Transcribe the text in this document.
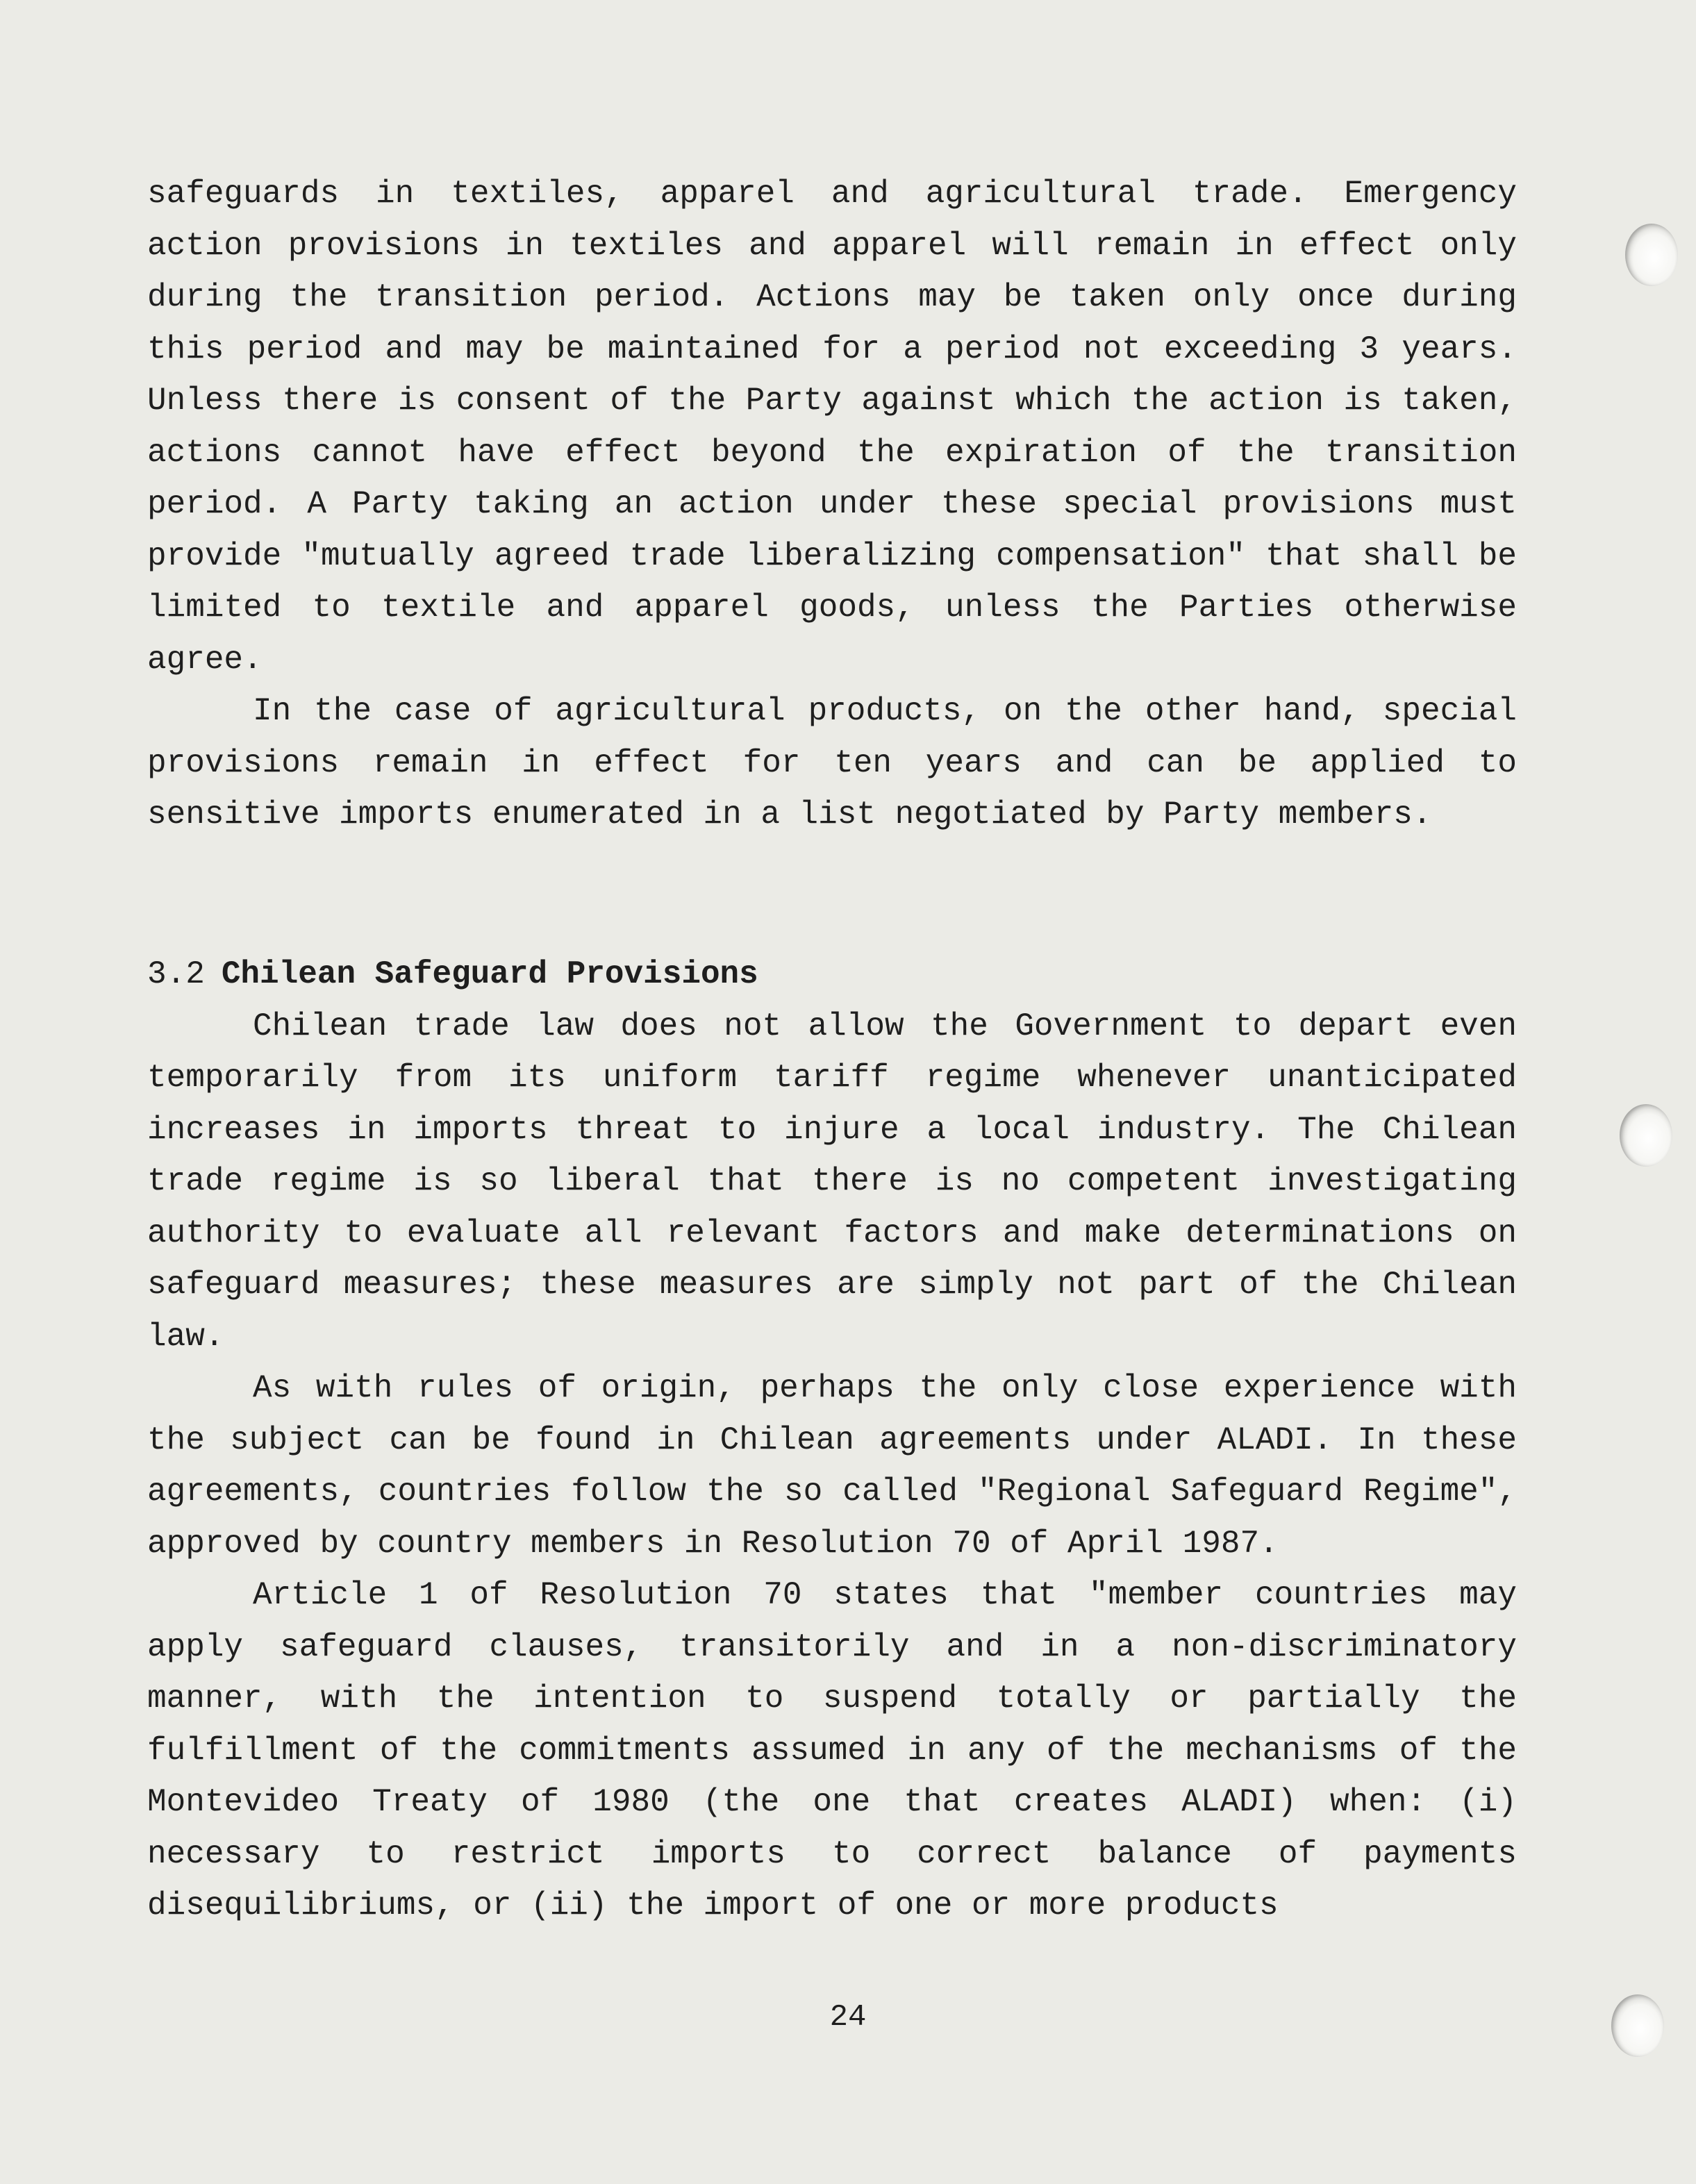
safeguards in textiles, apparel and agricultural trade. Emergency action provisions in textiles and apparel will remain in effect only during the transition period. Actions may be taken only once during this period and may be maintained for a period not exceeding 3 years. Unless there is consent of the Party against which the action is taken, actions cannot have effect beyond the expiration of the transition period. A Party taking an action under these special provisions must provide "mutually agreed trade liberalizing compensation" that shall be limited to textile and apparel goods, unless the Parties otherwise agree.

In the case of agricultural products, on the other hand, special provisions remain in effect for ten years and can be applied to sensitive imports enumerated in a list negotiated by Party members.

3.2 Chilean Safeguard Provisions

Chilean trade law does not allow the Government to depart even temporarily from its uniform tariff regime whenever unanticipated increases in imports threat to injure a local industry. The Chilean trade regime is so liberal that there is no competent investigating authority to evaluate all relevant factors and make determinations on safeguard measures; these measures are simply not part of the Chilean law.

As with rules of origin, perhaps the only close experience with the subject can be found in Chilean agreements under ALADI. In these agreements, countries follow the so called "Regional Safeguard Regime", approved by country members in Resolution 70 of April 1987.

Article 1 of Resolution 70 states that "member countries may apply safeguard clauses, transitorily and in a non-discriminatory manner, with the intention to suspend totally or partially the fulfillment of the commitments assumed in any of the mechanisms of the Montevideo Treaty of 1980 (the one that creates ALADI) when: (i) necessary to restrict imports to correct balance of payments disequilibriums, or (ii) the import of one or more products

24
